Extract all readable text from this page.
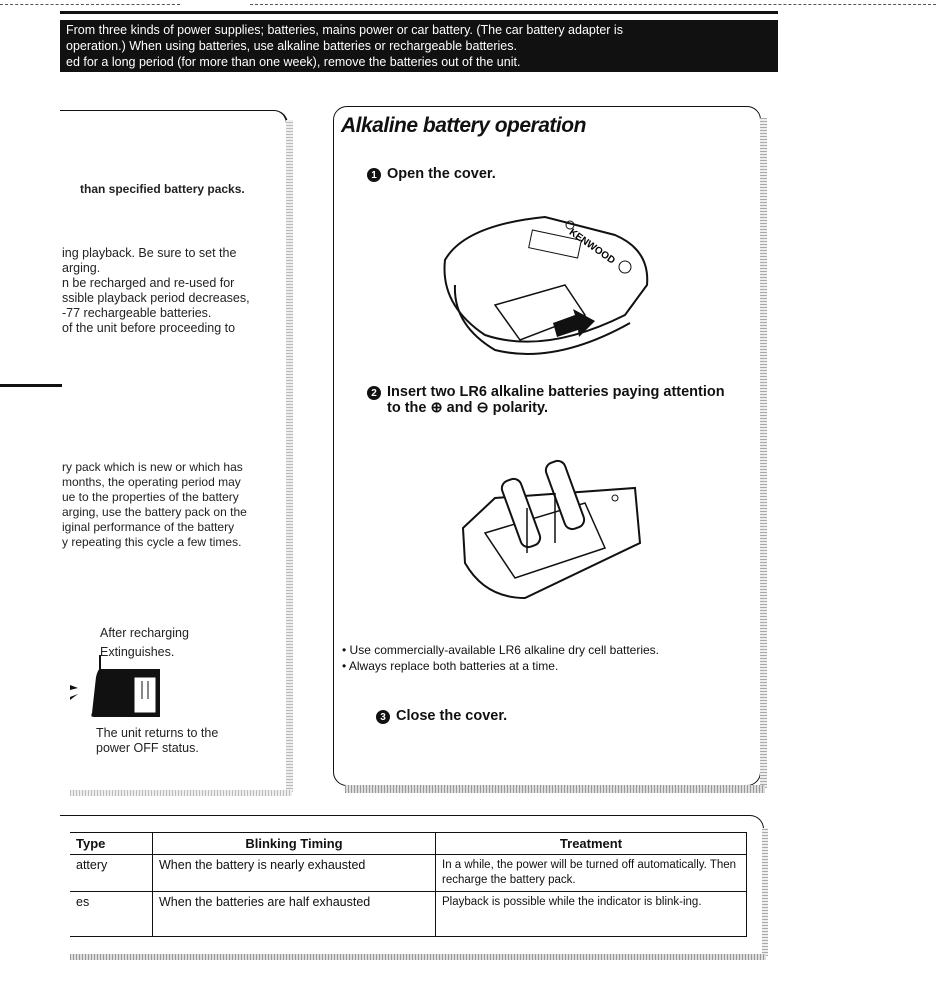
From three kinds of power supplies; batteries, mains power or car battery. (The car battery adapter is
operation.) When using batteries, use alkaline batteries or rechargeable batteries.
ed for a long period (for more than one week), remove the batteries out of the unit.
than specified battery packs.
ing playback. Be sure to set the
arging.
n be recharged and re-used for
ssible playback period decreases,
-77 rechargeable batteries.
of the unit before proceeding to
ry pack which is new or which has
months, the operating period may
ue to the properties of the battery
arging, use the battery pack on the
iginal performance of the battery
y repeating this cycle a few times.
After recharging
Extinguishes.
The unit returns to the
power OFF status.
Alkaline battery operation
1 Open the cover.
KENWOOD
2 Insert two LR6 alkaline batteries paying attention
to the ⊕ and ⊖ polarity.
• Use commercially-available LR6 alkaline dry cell batteries.
• Always replace both batteries at a time.
3 Close the cover.
Type	Blinking Timing	Treatment
attery	When the battery is nearly exhausted	In a while, the power will be turned off automatically. Then recharge the battery pack.
es	When the batteries are half exhausted	Playback is possible while the indicator is blink-ing.
